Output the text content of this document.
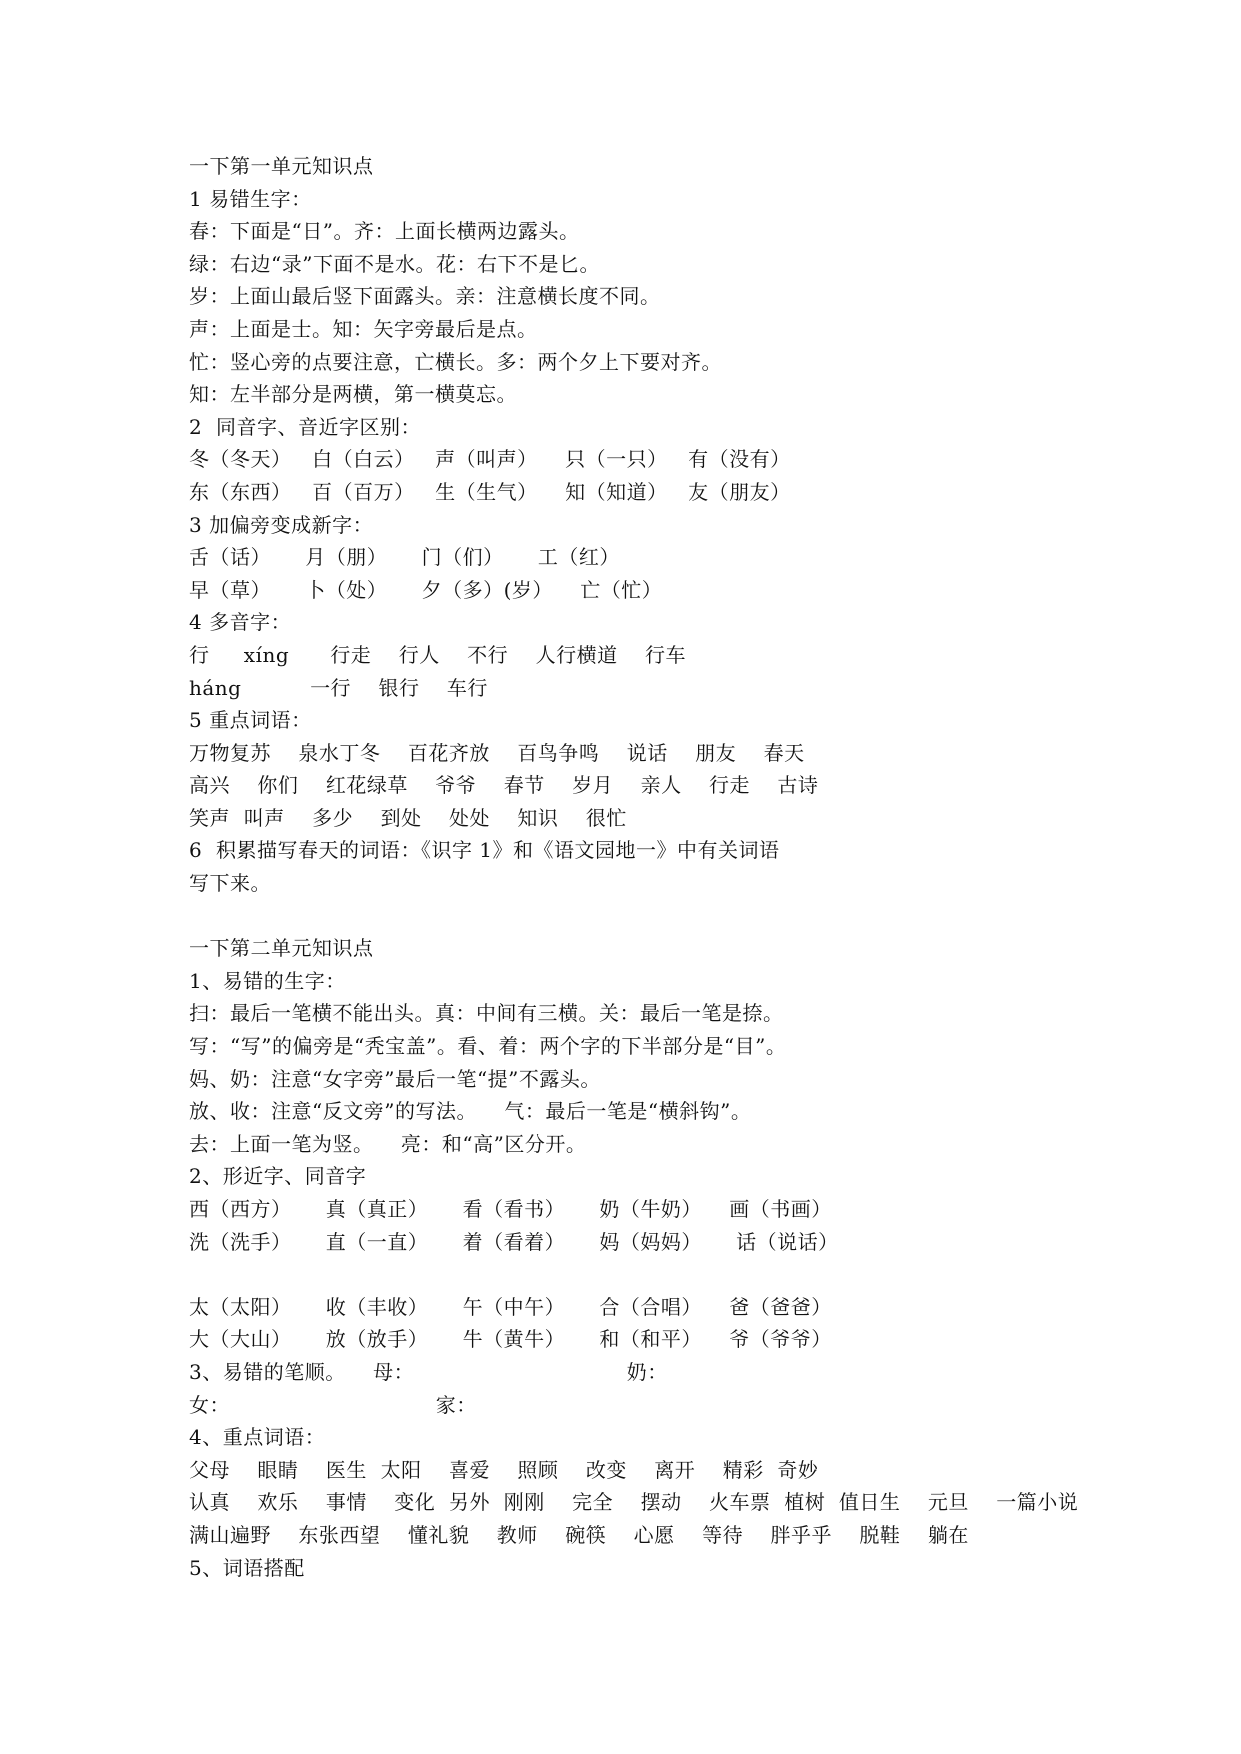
一下第一单元知识点
1 易错生字：
春：下面是“日”。齐：上面长横两边露头。
绿：右边“录”下面不是水。花：右下不是匕。
岁：上面山最后竖下面露头。亲：注意横长度不同。
声：上面是士。知：矢字旁最后是点。
忙：竖心旁的点要注意，亡横长。多：两个夕上下要对齐。
知：左半部分是两横，第一横莫忘。
2  同音字、音近字区别：
冬（冬天）   白（白云）   声（叫声）    只（一只）   有（没有）
东（东西）   百（百万）   生（生气）    知（知道）   友（朋友）
3 加偏旁变成新字：
舌（话）     月（朋）     门（们）     工（红）
早（草）     卜（处）     夕（多）(岁）    亡（忙）
4 多音字：
行     xíng      行走    行人    不行    人行横道    行车
háng          一行    银行    车行
5 重点词语：
万物复苏    泉水丁冬    百花齐放    百鸟争鸣    说话    朋友    春天
高兴    你们    红花绿草    爷爷    春节    岁月    亲人    行走    古诗
笑声  叫声    多少    到处    处处    知识    很忙
6  积累描写春天的词语：《识字 1》和《语文园地一》中有关词语
写下来。
一下第二单元知识点
1、易错的生字：
扫：最后一笔横不能出头。真：中间有三横。关：最后一笔是捺。
写：“写”的偏旁是“秃宝盖”。看、着：两个字的下半部分是“目”。
妈、奶：注意“女字旁”最后一笔“提”不露头。
放、收：注意“反文旁”的写法。    气：最后一笔是“横斜钩”。
去：上面一笔为竖。    亮：和“高”区分开。
2、形近字、同音字
西（西方）     真（真正）     看（看书）     奶（牛奶）    画（书画）
洗（洗手）     直（一直）     着（看着）     妈（妈妈）     话（说话）
太（太阳）     收（丰收）     午（中午）     合（合唱）    爸（爸爸）
大（大山）     放（放手）     牛（黄牛）     和（和平）    爷（爷爷）
3、易错的笔顺。    母：                               奶：
女：                              家：
4、重点词语：
父母    眼睛    医生  太阳    喜爱    照顾    改变    离开    精彩  奇妙
认真    欢乐    事情    变化  另外  刚刚    完全    摆动    火车票  植树  值日生    元旦    一篇小说
满山遍野    东张西望    懂礼貌    教师    碗筷    心愿    等待    胖乎乎    脱鞋    躺在
5、词语搭配
